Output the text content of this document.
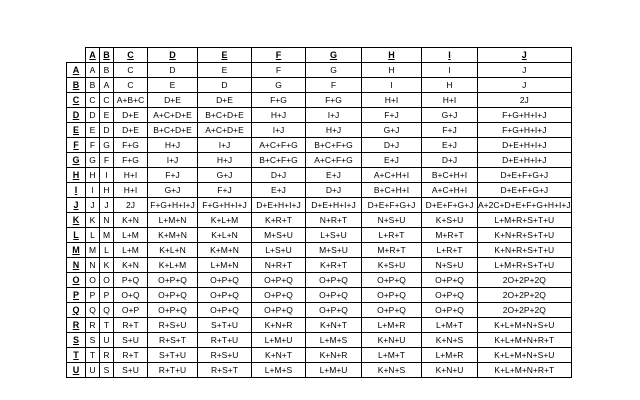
	A	B	C	D	E	F	G	H	I	J
A	A	B	C	D	E	F	G	H	I	J
B	B	A	C	E	D	G	F	I	H	J
C	C	C	A+B+C	D+E	D+E	F+G	F+G	H+I	H+I	2J
D	D	E	D+E	A+C+D+E	B+C+D+E	H+J	I+J	F+J	G+J	F+G+H+I+J
E	E	D	D+E	B+C+D+E	A+C+D+E	I+J	H+J	G+J	F+J	F+G+H+I+J
F	F	G	F+G	H+J	I+J	A+C+F+G	B+C+F+G	D+J	E+J	D+E+H+I+J
G	G	F	F+G	I+J	H+J	B+C+F+G	A+C+F+G	E+J	D+J	D+E+H+I+J
H	H	I	H+I	F+J	G+J	D+J	E+J	A+C+H+I	B+C+H+I	D+E+F+G+J
I	I	H	H+I	G+J	F+J	E+J	D+J	B+C+H+I	A+C+H+I	D+E+F+G+J
J	J	J	2J	F+G+H+I+J	F+G+H+I+J	D+E+H+I+J	D+E+H+I+J	D+E+F+G+J	D+E+F+G+J	A+2C+D+E+F+G+H+I+J
K	K	N	K+N	L+M+N	K+L+M	K+R+T	N+R+T	N+S+U	K+S+U	L+M+R+S+T+U
L	L	M	L+M	K+M+N	K+L+N	M+S+U	L+S+U	L+R+T	M+R+T	K+N+R+S+T+U
M	M	L	L+M	K+L+N	K+M+N	L+S+U	M+S+U	M+R+T	L+R+T	K+N+R+S+T+U
N	N	K	K+N	K+L+M	L+M+N	N+R+T	K+R+T	K+S+U	N+S+U	L+M+R+S+T+U
O	O	O	P+Q	O+P+Q	O+P+Q	O+P+Q	O+P+Q	O+P+Q	O+P+Q	2O+2P+2Q
P	P	P	O+Q	O+P+Q	O+P+Q	O+P+Q	O+P+Q	O+P+Q	O+P+Q	2O+2P+2Q
Q	Q	Q	O+P	O+P+Q	O+P+Q	O+P+Q	O+P+Q	O+P+Q	O+P+Q	2O+2P+2Q
R	R	T	R+T	R+S+U	S+T+U	K+N+R	K+N+T	L+M+R	L+M+T	K+L+M+N+S+U
S	S	U	S+U	R+S+T	R+T+U	L+M+U	L+M+S	K+N+U	K+N+S	K+L+M+N+R+T
T	T	R	R+T	S+T+U	R+S+U	K+N+T	K+N+R	L+M+T	L+M+R	K+L+M+N+S+U
U	U	S	S+U	R+T+U	R+S+T	L+M+S	L+M+U	K+N+S	K+N+U	K+L+M+N+R+T
